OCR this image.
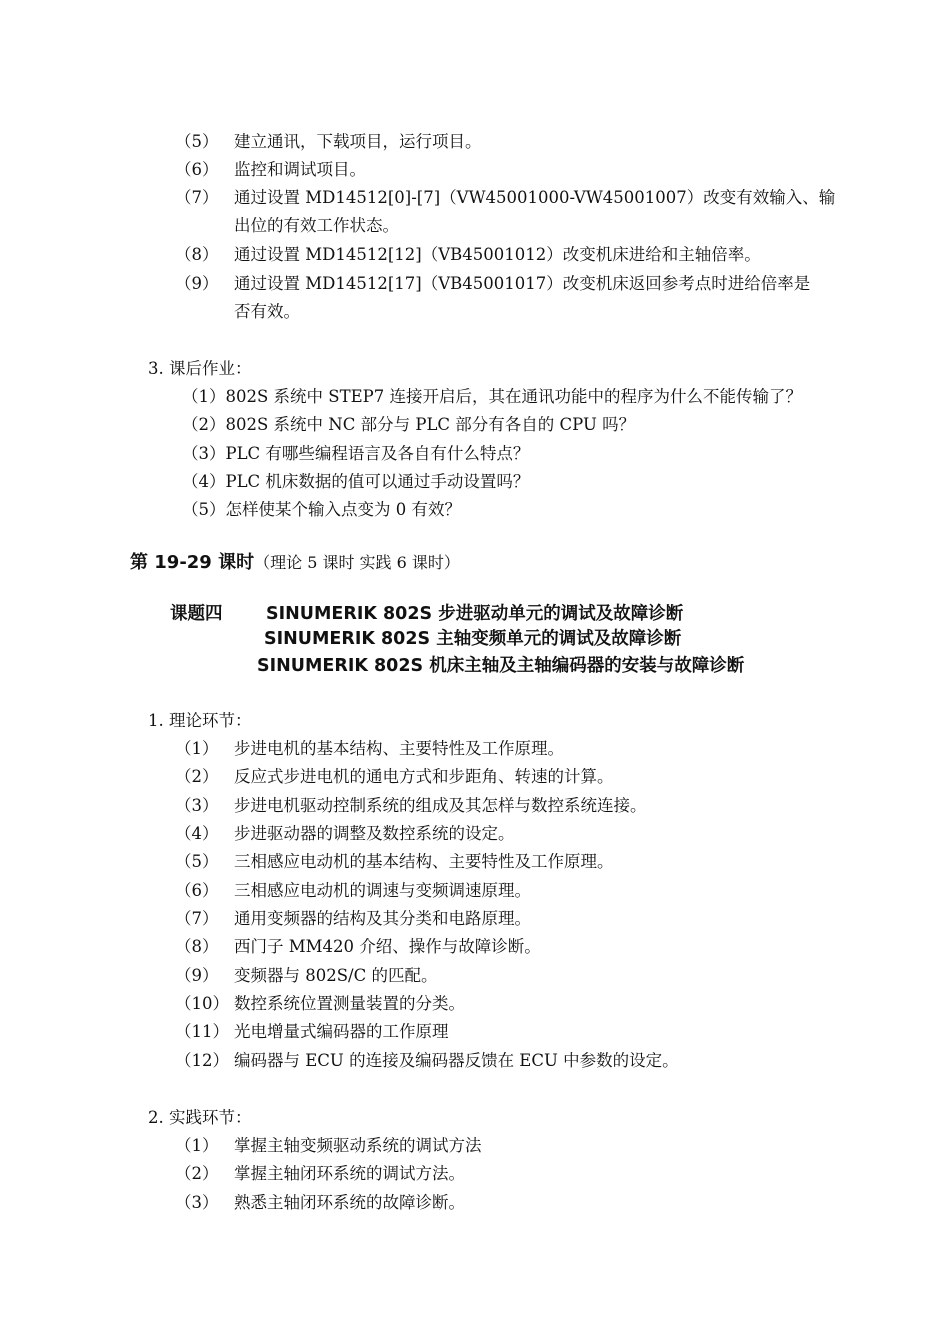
（5） 建立通讯，下载项目，运行项目。
（6） 监控和调试项目。
（7） 通过设置 MD14512[0]-[7]（VW45001000-VW45001007）改变有效输入、输
出位的有效工作状态。
（8） 通过设置 MD14512[12]（VB45001012）改变机床进给和主轴倍率。
（9） 通过设置 MD14512[17]（VB45001017）改变机床返回参考点时进给倍率是
否有效。
3. 课后作业：
（1）802S 系统中 STEP7 连接开启后，其在通讯功能中的程序为什么不能传输了？
（2）802S 系统中 NC 部分与 PLC 部分有各自的 CPU 吗？
（3）PLC 有哪些编程语言及各自有什么特点？
（4）PLC 机床数据的值可以通过手动设置吗？
（5）怎样使某个输入点变为 0 有效？
第 19-29 课时（理论 5 课时 实践 6 课时）
课题四 SINUMERIK 802S 步进驱动单元的调试及故障诊断
SINUMERIK 802S 主轴变频单元的调试及故障诊断
SINUMERIK 802S 机床主轴及主轴编码器的安装与故障诊断
1. 理论环节：
（1） 步进电机的基本结构、主要特性及工作原理。
（2） 反应式步进电机的通电方式和步距角、转速的计算。
（3） 步进电机驱动控制系统的组成及其怎样与数控系统连接。
（4） 步进驱动器的调整及数控系统的设定。
（5） 三相感应电动机的基本结构、主要特性及工作原理。
（6） 三相感应电动机的调速与变频调速原理。
（7） 通用变频器的结构及其分类和电路原理。
（8） 西门子 MM420 介绍、操作与故障诊断。
（9） 变频器与 802S/C 的匹配。
（10） 数控系统位置测量装置的分类。
（11） 光电增量式编码器的工作原理
（12） 编码器与 ECU 的连接及编码器反馈在 ECU 中参数的设定。
2. 实践环节：
（1） 掌握主轴变频驱动系统的调试方法
（2） 掌握主轴闭环系统的调试方法。
（3） 熟悉主轴闭环系统的故障诊断。
